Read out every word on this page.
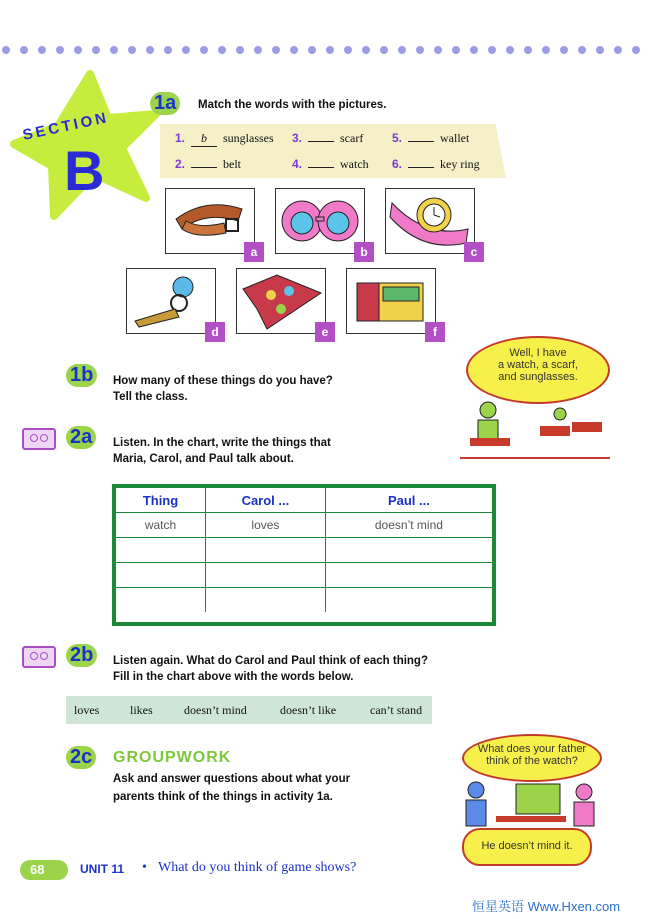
SECTION
B
1a	Match the words with the pictures.
1. b sunglasses
2.	belt
3.	scarf
4.	watch
5.	wallet
6.	key ring
a	b	c
d	e	f
1b	How many of these things do you have?
Tell the class.
Well, I have
a watch, a scarf,
and sunglasses.
2a	Listen. In the chart, write the things that
Maria, Carol, and Paul talk about.
Thing	Carol ...	Paul ...
watch	loves	doesn’t mind

2b	Listen again. What do Carol and Paul think of each thing?
Fill in the chart above with the words below.
loves	likes	doesn’t mind	doesn’t like	can’t stand
2c GROUPWORK
Ask and answer questions about what your
parents think of the things in activity 1a.
What does your father
think of the watch?
He doesn’t mind it.
68	UNIT 11 • What do you think of game shows?
恒星英语 Www.Hxen.com
